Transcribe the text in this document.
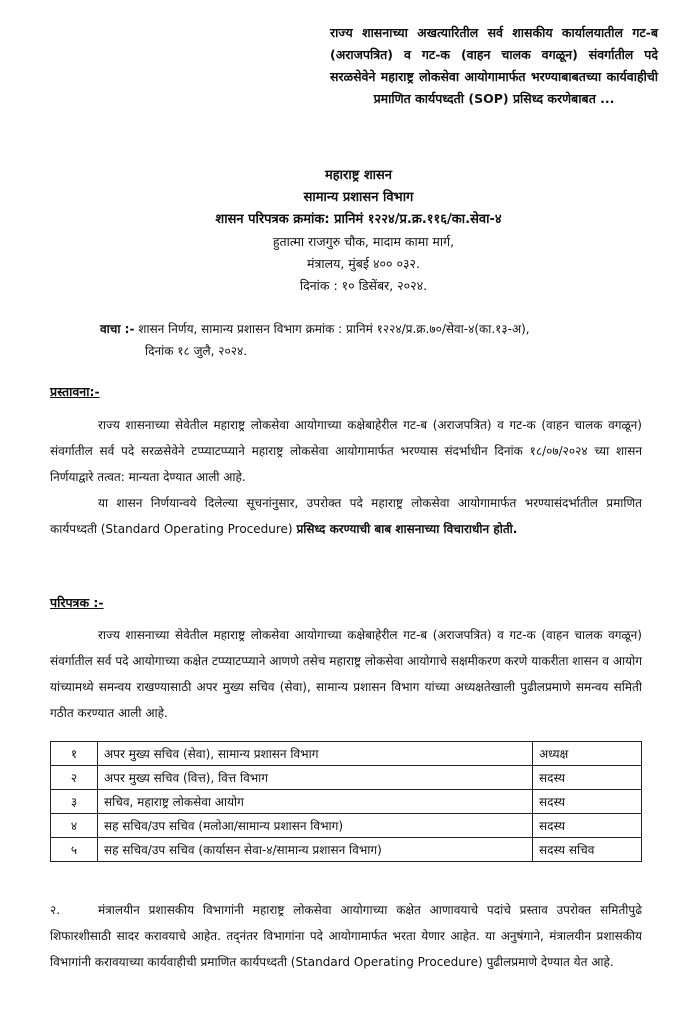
राज्य शासनाच्या अखत्यारितील सर्व शासकीय कार्यालयातील गट-ब (अराजपत्रित) व गट-क (वाहन चालक वगळून) संवर्गातील पदे सरळसेवेने महाराष्ट्र लोकसेवा आयोगामार्फत भरण्याबाबतच्या कार्यवाहीची प्रमाणित कार्यपध्दती (SOP) प्रसिध्द करणेबाबत ...
महाराष्ट्र शासन
सामान्य प्रशासन विभाग
शासन परिपत्रक क्रमांक: प्रानिमं १२२४/प्र.क्र.११६/का.सेवा-४
हुतात्मा राजगुरु चौक, मादाम कामा मार्ग,
मंत्रालय, मुंबई ४०० ०३२.
दिनांक : १० डिसेंबर, २०२४.
वाचा :- शासन निर्णय, सामान्य प्रशासन विभाग क्रमांक : प्रानिमं १२२४/प्र.क्र.७०/सेवा-४(का.१३-अ),
दिनांक १८ जुलै, २०२४.
प्रस्तावना:-
राज्य शासनाच्या सेवेतील महाराष्ट्र लोकसेवा आयोगाच्या कक्षेबाहेरील गट-ब (अराजपत्रित) व गट-क (वाहन चालक वगळून) संवर्गातील सर्व पदे सरळसेवेने टप्प्याटप्प्याने महाराष्ट्र लोकसेवा आयोगामार्फत भरण्यास संदर्भाधीन दिनांक १८/०७/२०२४ च्या शासन निर्णयाद्वारे तत्वत: मान्यता देण्यात आली आहे.
या शासन निर्णयान्वये दिलेल्या सूचनांनुसार, उपरोक्त पदे महाराष्ट्र लोकसेवा आयोगामार्फत भरण्यासंदर्भातील प्रमाणित कार्यपध्दती (Standard Operating Procedure) प्रसिध्द करण्याची बाब शासनाच्या विचाराधीन होती.
परिपत्रक :-
राज्य शासनाच्या सेवेतील महाराष्ट्र लोकसेवा आयोगाच्या कक्षेबाहेरील गट-ब (अराजपत्रित) व गट-क (वाहन चालक वगळून) संवर्गातील सर्व पदे आयोगाच्या कक्षेत टप्प्याटप्प्याने आणणे तसेच महाराष्ट्र लोकसेवा आयोगाचे सक्षमीकरण करणे याकरीता शासन व आयोग यांच्यामध्ये समन्वय राखण्यासाठी अपर मुख्य सचिव (सेवा), सामान्य प्रशासन विभाग यांच्या अध्यक्षतेखाली पुढीलप्रमाणे समन्वय समिती गठीत करण्यात आली आहे.
१	अपर मुख्य सचिव (सेवा), सामान्य प्रशासन विभाग	अध्यक्ष
२	अपर मुख्य सचिव (वित्त), वित्त विभाग	सदस्य
३	सचिव, महाराष्ट्र लोकसेवा आयोग	सदस्य
४	सह सचिव/उप सचिव (मलोआ/सामान्य प्रशासन विभाग)	सदस्य
५	सह सचिव/उप सचिव (कार्यासन सेवा-४/सामान्य प्रशासन विभाग)	सदस्य सचिव
२.	मंत्रालयीन प्रशासकीय विभागांनी महाराष्ट्र लोकसेवा आयोगाच्या कक्षेत आणावयाचे पदांचे प्रस्ताव उपरोक्त समितीपुढे शिफारशीसाठी सादर करावयाचे आहेत. तद्नंतर विभागांना पदे आयोगामार्फत भरता येणार आहेत. या अनुषंगाने, मंत्रालयीन प्रशासकीय विभागांनी करावयाच्या कार्यवाहीची प्रमाणित कार्यपध्दती (Standard Operating Procedure) पुढीलप्रमाणे देण्यात येत आहे.
